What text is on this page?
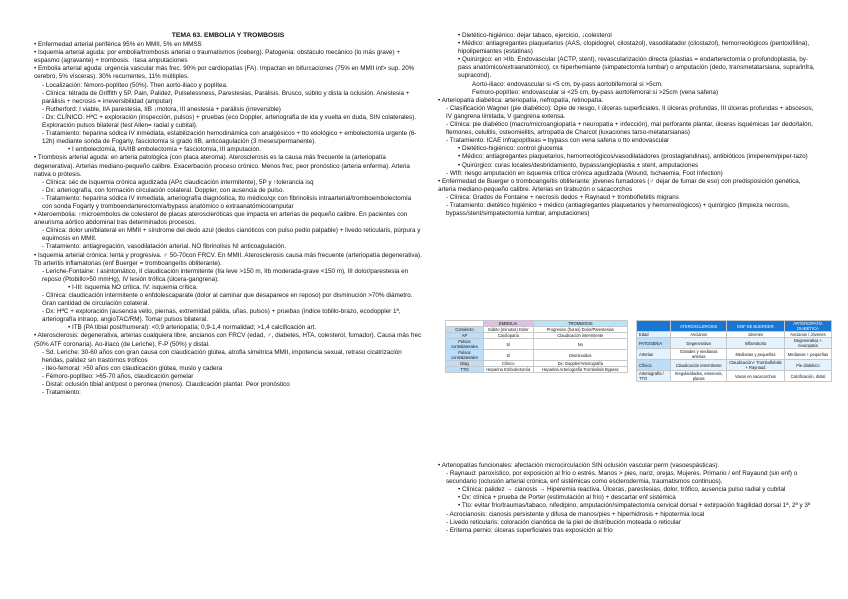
TEMA 63. EMBOLIA Y TROMBOSIS

• Enfermedad arterial periférica 95% en MMII, 5% en MMSS

• Isquemia arterial aguda: por embolia/trombosis arterial o traumatismos (iceberg). Patogenia: obstáculo mecánico (lo más grave) + espasmo (agravante) + trombosis. ↑tasa amputaciones

• Embolia arterial aguda: urgencia vascular más frec. 90% por cardiopatías (FA). Impactan en bifurcaciones (75% en MMII inf> sup. 20% cerebro, 5% vísceras). 30% recurrentes, 11% múltiples.

- Localización: fémoro-poplíteo (50%). Then aorto-iliaco y poplítea.

- Clínica: tétrada de Griffith y 5P. Pain, Palidez, Pulselessness, Parestesias, Parálisis. Brusco, súbito y dista la oclusión. Anestesia + parálisis + necrosis = irreversibilidad (amputar)

- Rutherford: I viable, IIA parestesia, IIB ↓motora, III anestesia + parálisis (irreversible)

- Dx: CLÍNICO. HªC + exploración (inspección, pulsos) + pruebas (eco Doppler, arteriografía de ida y vuelta en duda, SIN colaterales). Exploración pulsos bilateral (test Allen= radial y cubital).

- Tratamiento: heparina sódica IV inmediata, estabilización hemodinámica con analgésicos + tto etiológico + embolectomía urgente (6-12h) mediante sonda de Fogarty, fasciotomía si grado IIB, anticoagulación (3 meses/permanente).

• I embolectomía, IIA/IIB embolectomía + fasciotomía, III amputación.

• Trombosis arterial aguda: en arteria patológica (con placa ateroma). Aterosclerosis es la causa más frecuente la (arteriopatía degenerativa). Arterias mediano-pequeño calibre. Exacerbación proceso crónico. Menos frec, peor pronóstico (arteria enferma). Arteria nativa o prótesis.

- Clínica: séc de isquemia crónica agudizada (APc claudicación intermitente), 5P y ↑tolerancia isq

- Dx: arteriografía, con formación circulación colateral. Doppler, con ausencia de pulso.

- Tratamiento: heparina sódica IV inmediata, arteriografía diagnóstica, tto médico/qx con fibrinolisis intraarterial/tromboembolectomía con sonda Fogarty y tromboendarterectomía/bypass anatómico o extraanatómico/amputar

• Ateroembolia: ↑microembolos de colesterol de placas ateroscleróticas que impacta en arterias de pequeño calibre. En pacientes con aneurisma aórtico abdominal tras determinados procesos.

- Clínica: dolor uni/bilateral en MMII + síndrome del dedo azul (dedos cianóticos con pulso pedio palpable) + livedo reticularis, púrpura y equimosis en MMII.

- Tratamiento: antiagregación, vasodilatación arterial. NO fibrinolisis NI anticoagulación.

• Isquemia arterial crónica: lenta y progresiva. ♂ 50-70con FRCV. En MMII. Aterosclerosis causa más frecuente (arteriopatía degenerativa). Tb arteritis inflamatorias (enf Buerger = tromboangeítis obliterante).

- Leriche-Fontaine: I asintomático, II claudicación intermitente (IIa leve >150 m, IIb moderada-grave <150 m), III dolor/parestesia en reposo (Ptobillo>50 mmHg), IV lesión trófica (úlcera-gangrena).

• I-III: isquemia NO crítica. IV: isquemia crítica.

- Clínica: claudicación intermitente o enfdolescaparate (dolor al caminar que desaparece en reposo) por disminución >70% diámetro. Gran cantidad de circulación colateral.

- Dx: HªC + exploración (ausencia vello, piernas, extremidad pálida, uñas, pulsos) + pruebas (índice tobillo-brazo, ecodoppler 1ª, arteriografía intraop, angioTAC/RM). Tomar pulsos bilateral.

• ITB (PA tibial post/humeral): <0,9 arteriopatía; 0,9-1,4 normalidad; >1,4 calcificación art.

• Aterosclerosis: degenerativa, arterias cualquiera libre, ancianos con FRCV (edad, ♂, diabetes, HTA, colesterol, fumador). Causa más frec (50% ATF coronaria). Ao-ilíaco (de Leriche), F-P (50%) y distal.

- Sd. Leriche: 30-60 años con gran causa con claudicación glútea, atrofia simétrica MMII, impotencia sexual, retraso cicatrización heridas, palidez sin trastornos tróficos

- Ileo-femoral: >50 años con claudicación glútea, muslo y cadera

- Fémoro-poplíteo: >65-70 años, claudicación gemelar

- Distal: oclusión tibial ant/post o peronea (menos). Claudicación plantar. Peor pronóstico

- Tratamiento:

• Dietético-higiénico: dejar tabaco, ejercicio, ↓colesterol

• Médico: antiagregantes plaquetarios (AAS, clopidogrel, cilostazol), vasodilatador (cilostazol), hemorreológicos (pentoxifilina), hipolipemiantes (estatinas)

• Quirúrgico: en >IIb. Endovascular (ACTP, stent), revascularización directa (plastias = endarterectomía o profundoplastia, by-pass anatómico/extraanatómico), cx hiperhemiante (simpatectomía lumbar) o amputación (dedo, transmetatarsiana, supra/infra, supracond).

Aorto-iliaco: endovascular si <5 cm, by-pass aortobifemoral si >5cm.

Femoro-poplíteo: endovascular si <25 cm, by-pass aortofemoral si >25cm (vena safena)

• Arteriopatía diabética: arteriopatía, nefropatía, retinopatía.

- Clasificación Wagner (pie diabético): Opie de riesgo, I úlceras superficiales, II úlceras profundas, III úlceras profundas + abscesos, IV gangrena limitada, V gangrena extensa.

- Clínica: pie diabético (macro/microangiopatía + neuropatía + infección), mal perforante plantar, úlceras isquémicas 1er dedo/talón, flemones, celulitis, osteomielitis, artropatía de Charcot (luxaciones tarso-metatarsianas)

- Tratamiento: ICAE infrapoplíteas = bypass con vena safena o tto endovascular

• Dietético-higiénico: control glucemia

• Médico: antiagregantes plaquetarios, hemorreológicos/vasodilatadores (prostaglandinas), antibióticos (imipenem/piper-tazo)

• Quirúrgico: curas locales/desbridamiento, bypass/angioplastia ± stent, amputaciones

- WIfI: riesgo amputación en isquemia crítica crónica agudizada (Wound, Ischaemia, Foot Infection)

• Enfermedad de Buerger o tromboangeítis obliterante: jóvenes fumadores (♂ dejar de fumar de eso) con predisposición genética, arteria mediano-pequeño calibre. Arterias en tirabuzón o sacacorchos

- Clínica: Grados de Fontaine + necrosis dedos + Raynaud + tromboflebitis migrans

- Tratamiento: dietético higiénico + médico (antiagregantes plaquetarios y hemorreológicos) + quirúrgico (limpieza necrosis, bypass/stent/simpatectomía lumbar, amputaciones)

	EMBOLIA	TROMBOSIS
Comienzo	Súbito (minutos) Dolor	Progresivo (horas) Dolor/Parestesias
AP	Cardiopatía	Claudicación intermitente
Pulsos contralaterales	Sí	No
Pulsos contralaterales	Sí	Disminuidos
Diag	Clínico	Dx: Doppler/Arteriografía
TTO	Heparina Embolectomía	Heparina Arteriografía Trombolisis Bypass
	ATEROSCLEROSIS	ENF DE BUERGER	ARTERIOPATÍA DIABÉTICA
Edad	Ancianos	Jóvenes	Ancianos / Jóvenes
PATOGENIA	Degenerativa	Inflamatoria	Degenerativa + neuropatía
Arterias	Grandes y medianas arterias	Medianas y pequeñas	Medianas + pequeñas
Clínica	Claudicación intermitente	Claudicación+ Tromboflebitis + Raynaud	Pie diabético
Arteriografía / TTO	Irregularidades, estenosis, placas	Vasos en sacacorchos	Calcificación, distal

• Arteriopatías funcionales: afectación microcirculación SIN oclusión vascular perm (vasoespásticas).

- Raynaud: paroxístico, por exposición al frío o estrés. Manos > pies, nariz, orejas. Mujeres. Primario / enf Rayaund (sin enf) o secundario (oclusión arterial crónica, enf sistémicas como esclerodermia, traumatismos continuos).

• Clínica: palidez → cianosis → Hiperemia reactiva. Úlceras, parestesias, dolor, trófico, ausencia pulso radial y cubital

• Dx: clínica + prueba de Porter (estimulación al frío) + descartar enf sistémica

• Tto: evitar frío/traumas/tabaco, nifedipino, amputación/simpatectomía cervical dorsal + extirpación fragilidad dorsal 1ª, 2ª y 3ª

- Acrocianosis: cianosis persistente y difusa de manos/pies + hiperhidrosis + hipotermia local

- Livedo reticularis: coloración cianótica de la piel de distribución moteada o reticular

- Eritema pernio: úlceras superficiales tras exposición al frío
